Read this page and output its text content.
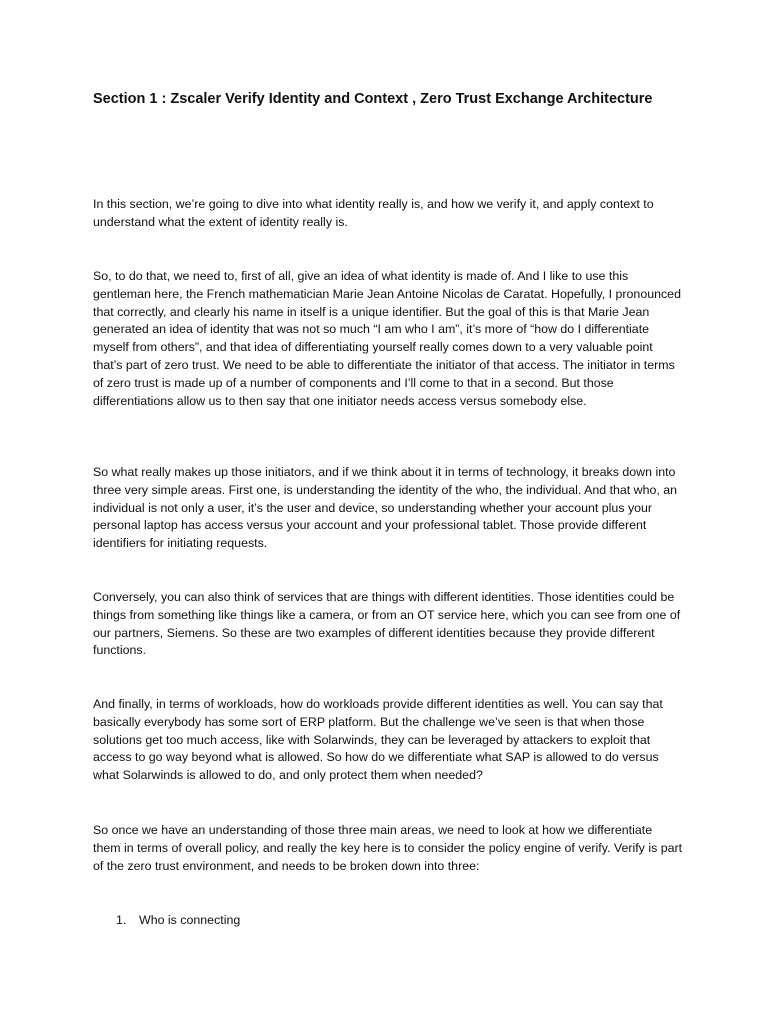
Section 1 : Zscaler Verify Identity and Context , Zero Trust Exchange Architecture

In this section, we’re going to dive into what identity really is, and how we verify it, and apply context to understand what the extent of identity really is.

So, to do that, we need to, first of all, give an idea of what identity is made of. And I like to use this gentleman here, the French mathematician Marie Jean Antoine Nicolas de Caratat. Hopefully, I pronounced that correctly, and clearly his name in itself is a unique identifier. But the goal of this is that Marie Jean generated an idea of identity that was not so much “I am who I am”, it’s more of “how do I differentiate myself from others”, and that idea of differentiating yourself really comes down to a very valuable point that’s part of zero trust. We need to be able to differentiate the initiator of that access. The initiator in terms of zero trust is made up of a number of components and I’ll come to that in a second. But those differentiations allow us to then say that one initiator needs access versus somebody else.

So what really makes up those initiators, and if we think about it in terms of technology, it breaks down into three very simple areas. First one, is understanding the identity of the who, the individual. And that who, an individual is not only a user, it’s the user and device, so understanding whether your account plus your personal laptop has access versus your account and your professional tablet. Those provide different identifiers for initiating requests.

Conversely, you can also think of services that are things with different identities. Those identities could be things from something like things like a camera, or from an OT service here, which you can see from one of our partners, Siemens. So these are two examples of different identities because they provide different functions.

And finally, in terms of workloads, how do workloads provide different identities as well. You can say that basically everybody has some sort of ERP platform. But the challenge we’ve seen is that when those solutions get too much access, like with Solarwinds, they can be leveraged by attackers to exploit that access to go way beyond what is allowed. So how do we differentiate what SAP is allowed to do versus what Solarwinds is allowed to do, and only protect them when needed?

So once we have an understanding of those three main areas, we need to look at how we differentiate them in terms of overall policy, and really the key here is to consider the policy engine of verify. Verify is part of the zero trust environment, and needs to be broken down into three:

1. Who is connecting
